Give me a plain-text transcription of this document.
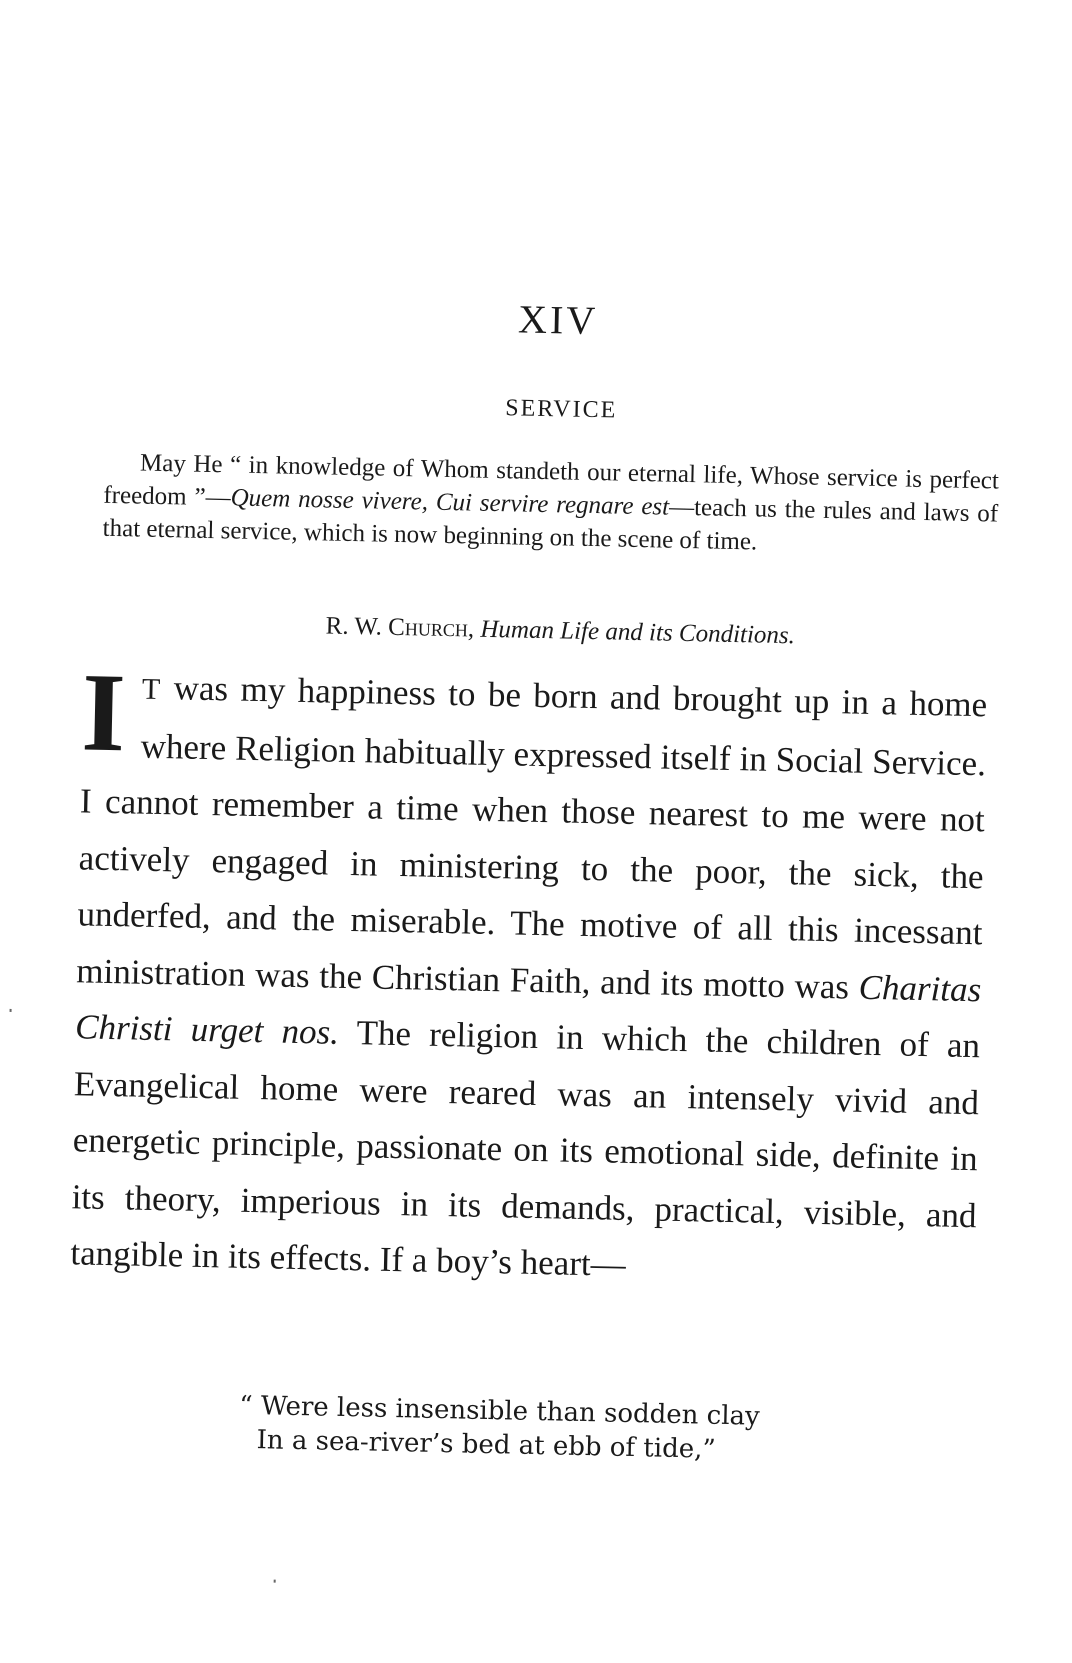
XIV
SERVICE

May He “ in knowledge of Whom standeth our eternal life, Whose service is perfect freedom ”—Quem nosse vivere, Cui servire regnare est—teach us the rules and laws of that eternal service, which is now beginning on the scene of time.

R. W. Church, Human Life and its Conditions.

I T was my happiness to be born and brought up in a home where Religion habitually expressed itself in Social Service. I cannot remember a time when those nearest to me were not actively engaged in ministering to the poor, the sick, the underfed, and the miserable. The motive of all this incessant ministration was the Christian Faith, and its motto was Charitas Christi urget nos. The religion in which the children of an Evangelical home were reared was an intensely vivid and energetic principle, passionate on its emotional side, definite in its theory, imperious in its demands, practical, visible, and tangible in its effects. If a boy’s heart—

“ Were less insensible than sodden clay
In a sea-river’s bed at ebb of tide,”
